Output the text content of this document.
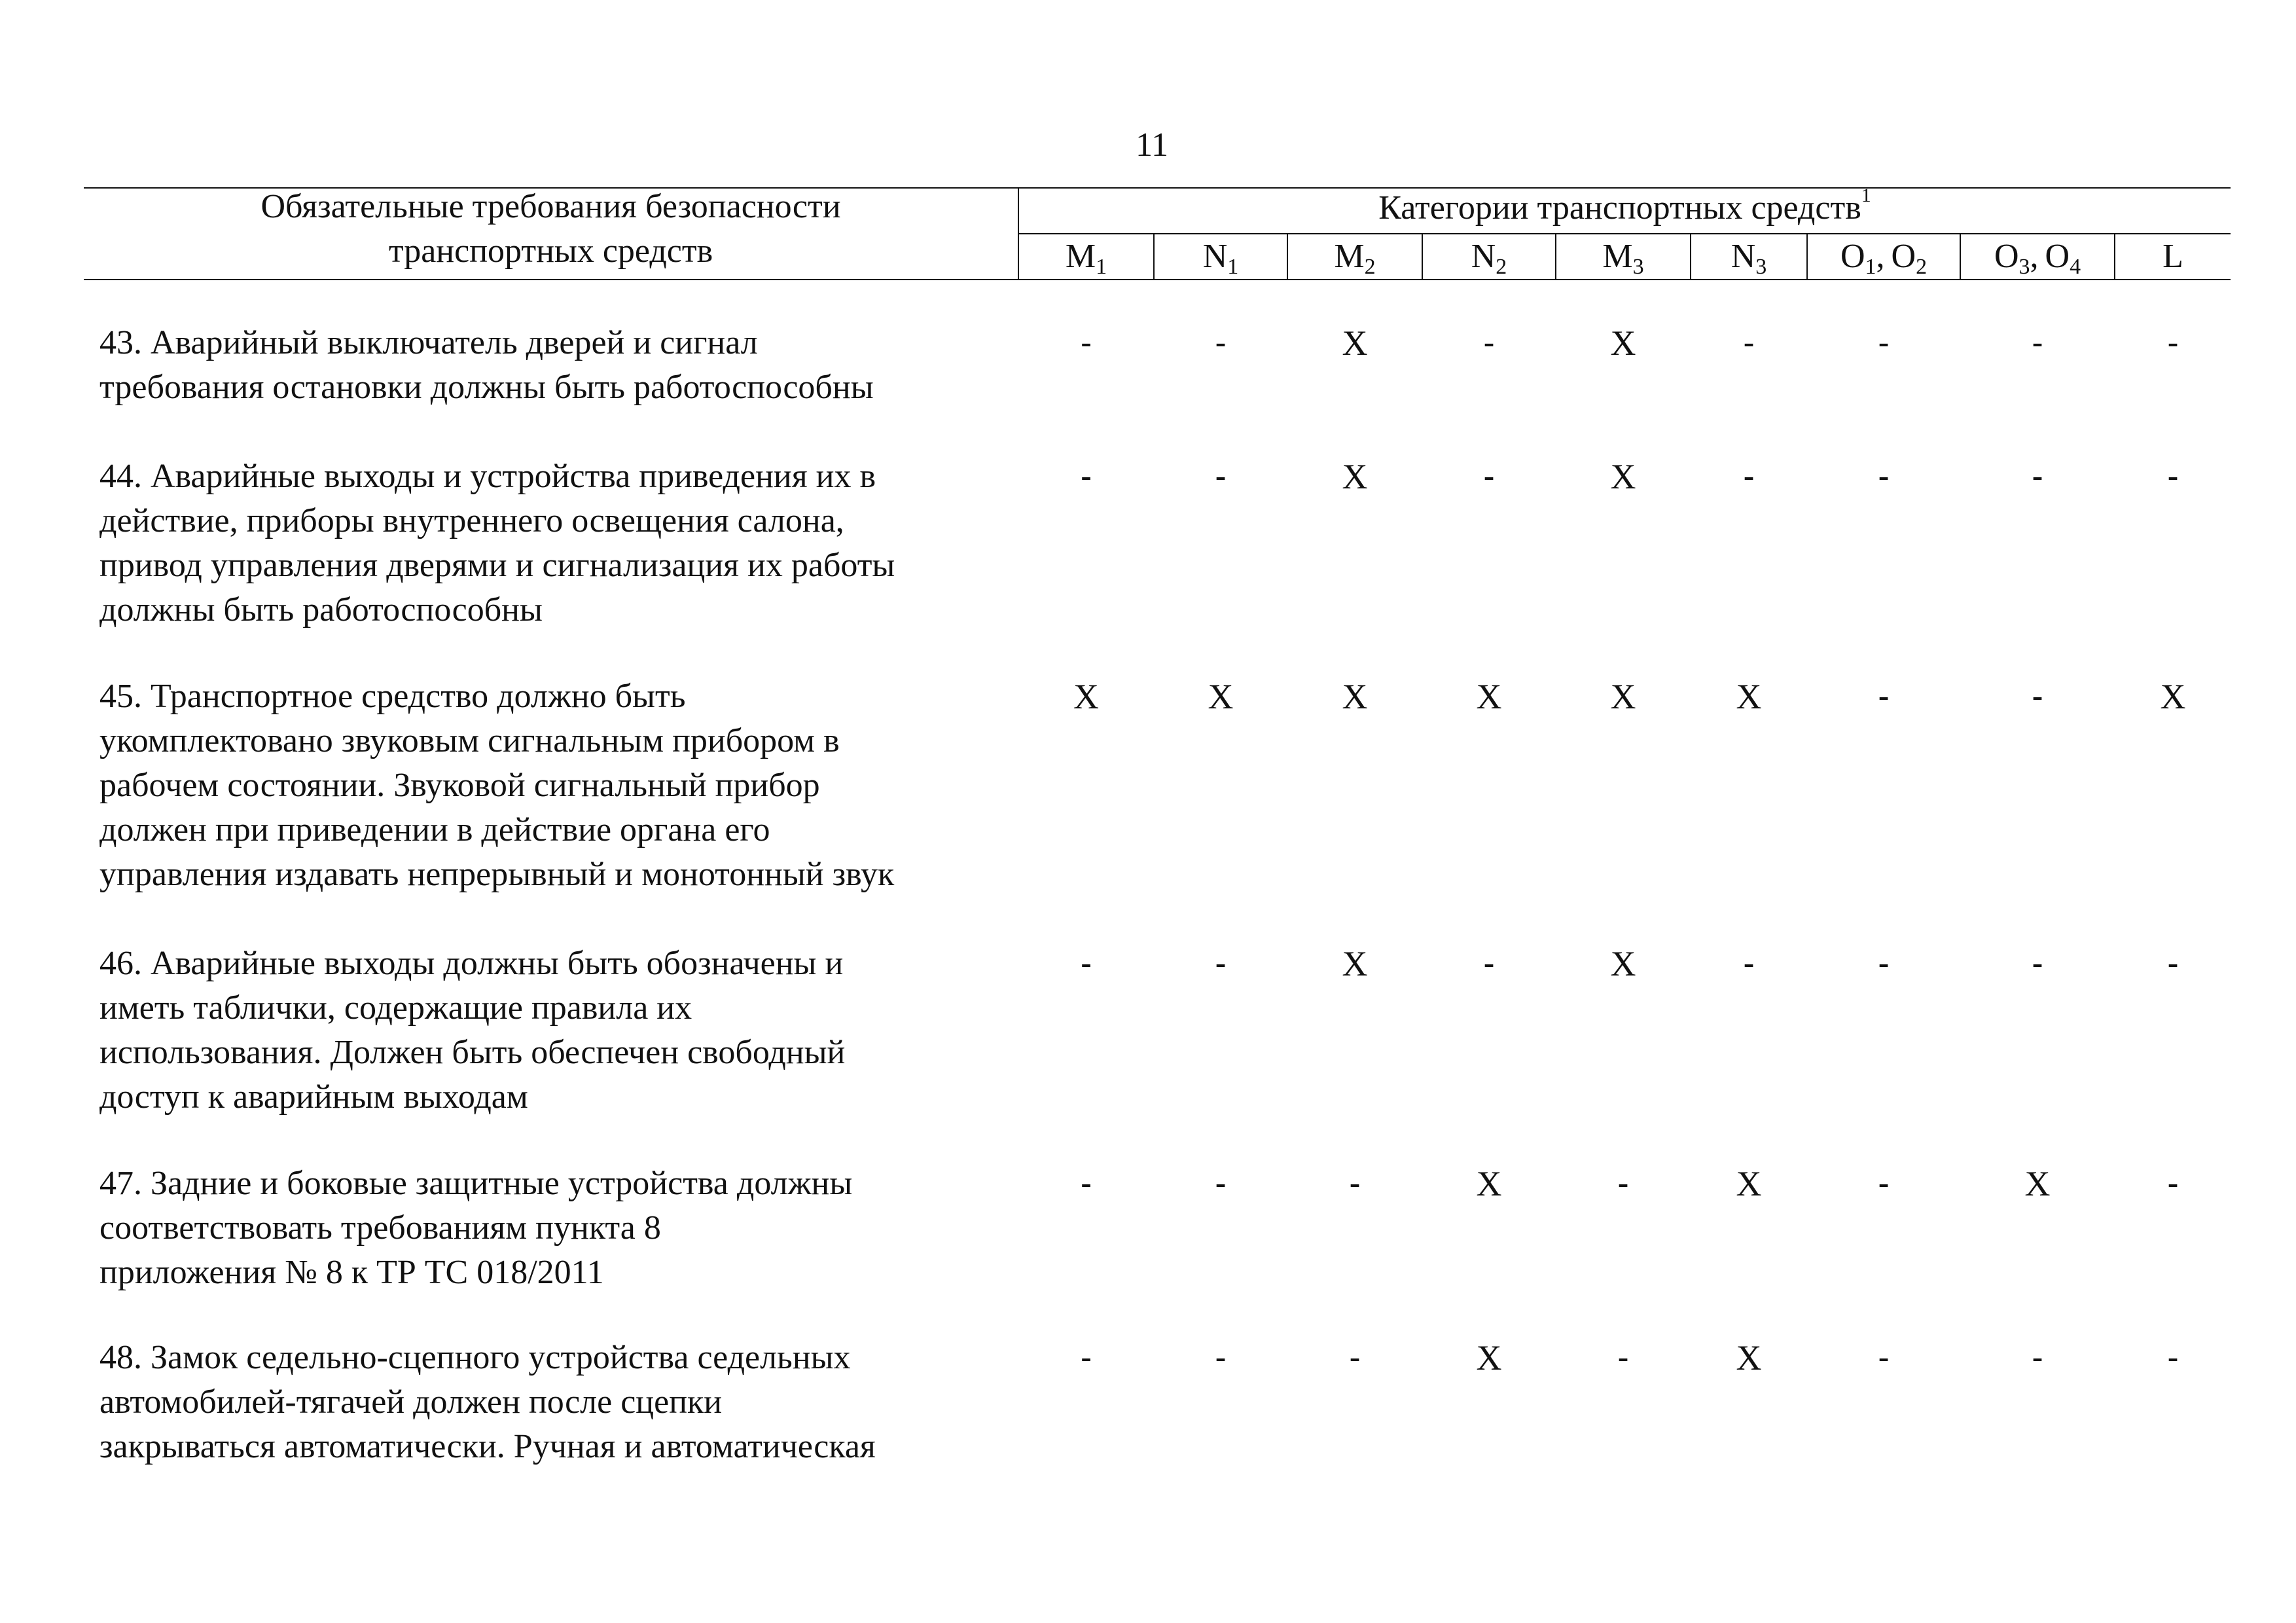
11
Обязательные требования безопасности
транспортных средств
Категории транспортных средств$^1$
$M_1$	$N_1$	$M_2$	$N_2$	$M_3$	$N_3$	$O_1$, $O_2$	$O_3$, $O_4$	L
43. Аварийный выключатель дверей и сигнал
требования остановки должны быть работоспособны
-	-	X	-	X	-	-	-	-
44. Аварийные выходы и устройства приведения их в
действие, приборы внутреннего освещения салона,
привод управления дверями и сигнализация их работы
должны быть работоспособны
-	-	X	-	X	-	-	-	-
45. Транспортное средство должно быть
укомплектовано звуковым сигнальным прибором в
рабочем состоянии. Звуковой сигнальный прибор
должен при приведении в действие органа его
управления издавать непрерывный и монотонный звук
X	X	X	X	X	X	-	-	X
46. Аварийные выходы должны быть обозначены и
иметь таблички, содержащие правила их
использования. Должен быть обеспечен свободный
доступ к аварийным выходам
-	-	X	-	X	-	-	-	-
47. Задние и боковые защитные устройства должны
соответствовать требованиям пункта 8
приложения № 8 к ТР ТС 018/2011
-	-	-	X	-	X	-	X	-
48. Замок седельно-сцепного устройства седельных
автомобилей-тягачей должен после сцепки
закрываться автоматически. Ручная и автоматическая
-	-	-	X	-	X	-	-	-
